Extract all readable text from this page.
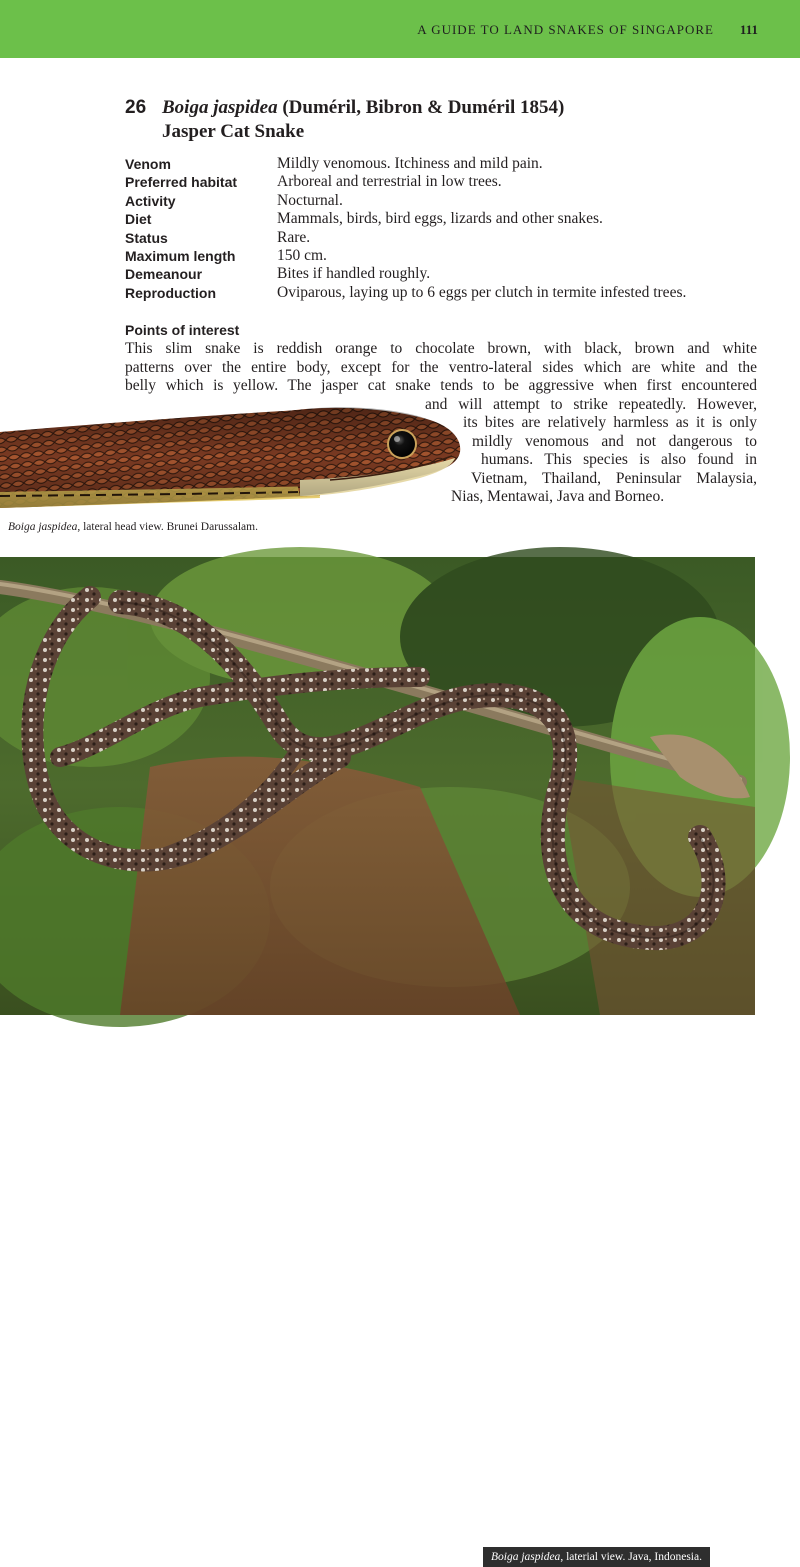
A GUIDE TO LAND SNAKES OF SINGAPORE 111
26 Boiga jaspidea (Duméril, Bibron & Duméril 1854)
Jasper Cat Snake
Venom	Mildly venomous. Itchiness and mild pain.
Preferred habitat	Arboreal and terrestrial in low trees.
Activity	Nocturnal.
Diet	Mammals, birds, bird eggs, lizards and other snakes.
Status	Rare.
Maximum length	150 cm.
Demeanour	Bites if handled roughly.
Reproduction	Oviparous, laying up to 6 eggs per clutch in termite infested trees.
Points of interest
This slim snake is reddish orange to chocolate brown, with black, brown and white
patterns over the entire body, except for the ventro-lateral sides which are white and the
belly which is yellow. The jasper cat snake tends to be aggressive when first encountered
and will attempt to strike repeatedly. However,
its bites are relatively harmless as it is only
mildly venomous and not dangerous to
humans. This species is also found in
Vietnam, Thailand, Peninsular Malaysia,
Nias, Mentawai, Java and Borneo.
Boiga jaspidea, lateral head view. Brunei Darussalam.
Boiga jaspidea, laterial view. Java, Indonesia.
